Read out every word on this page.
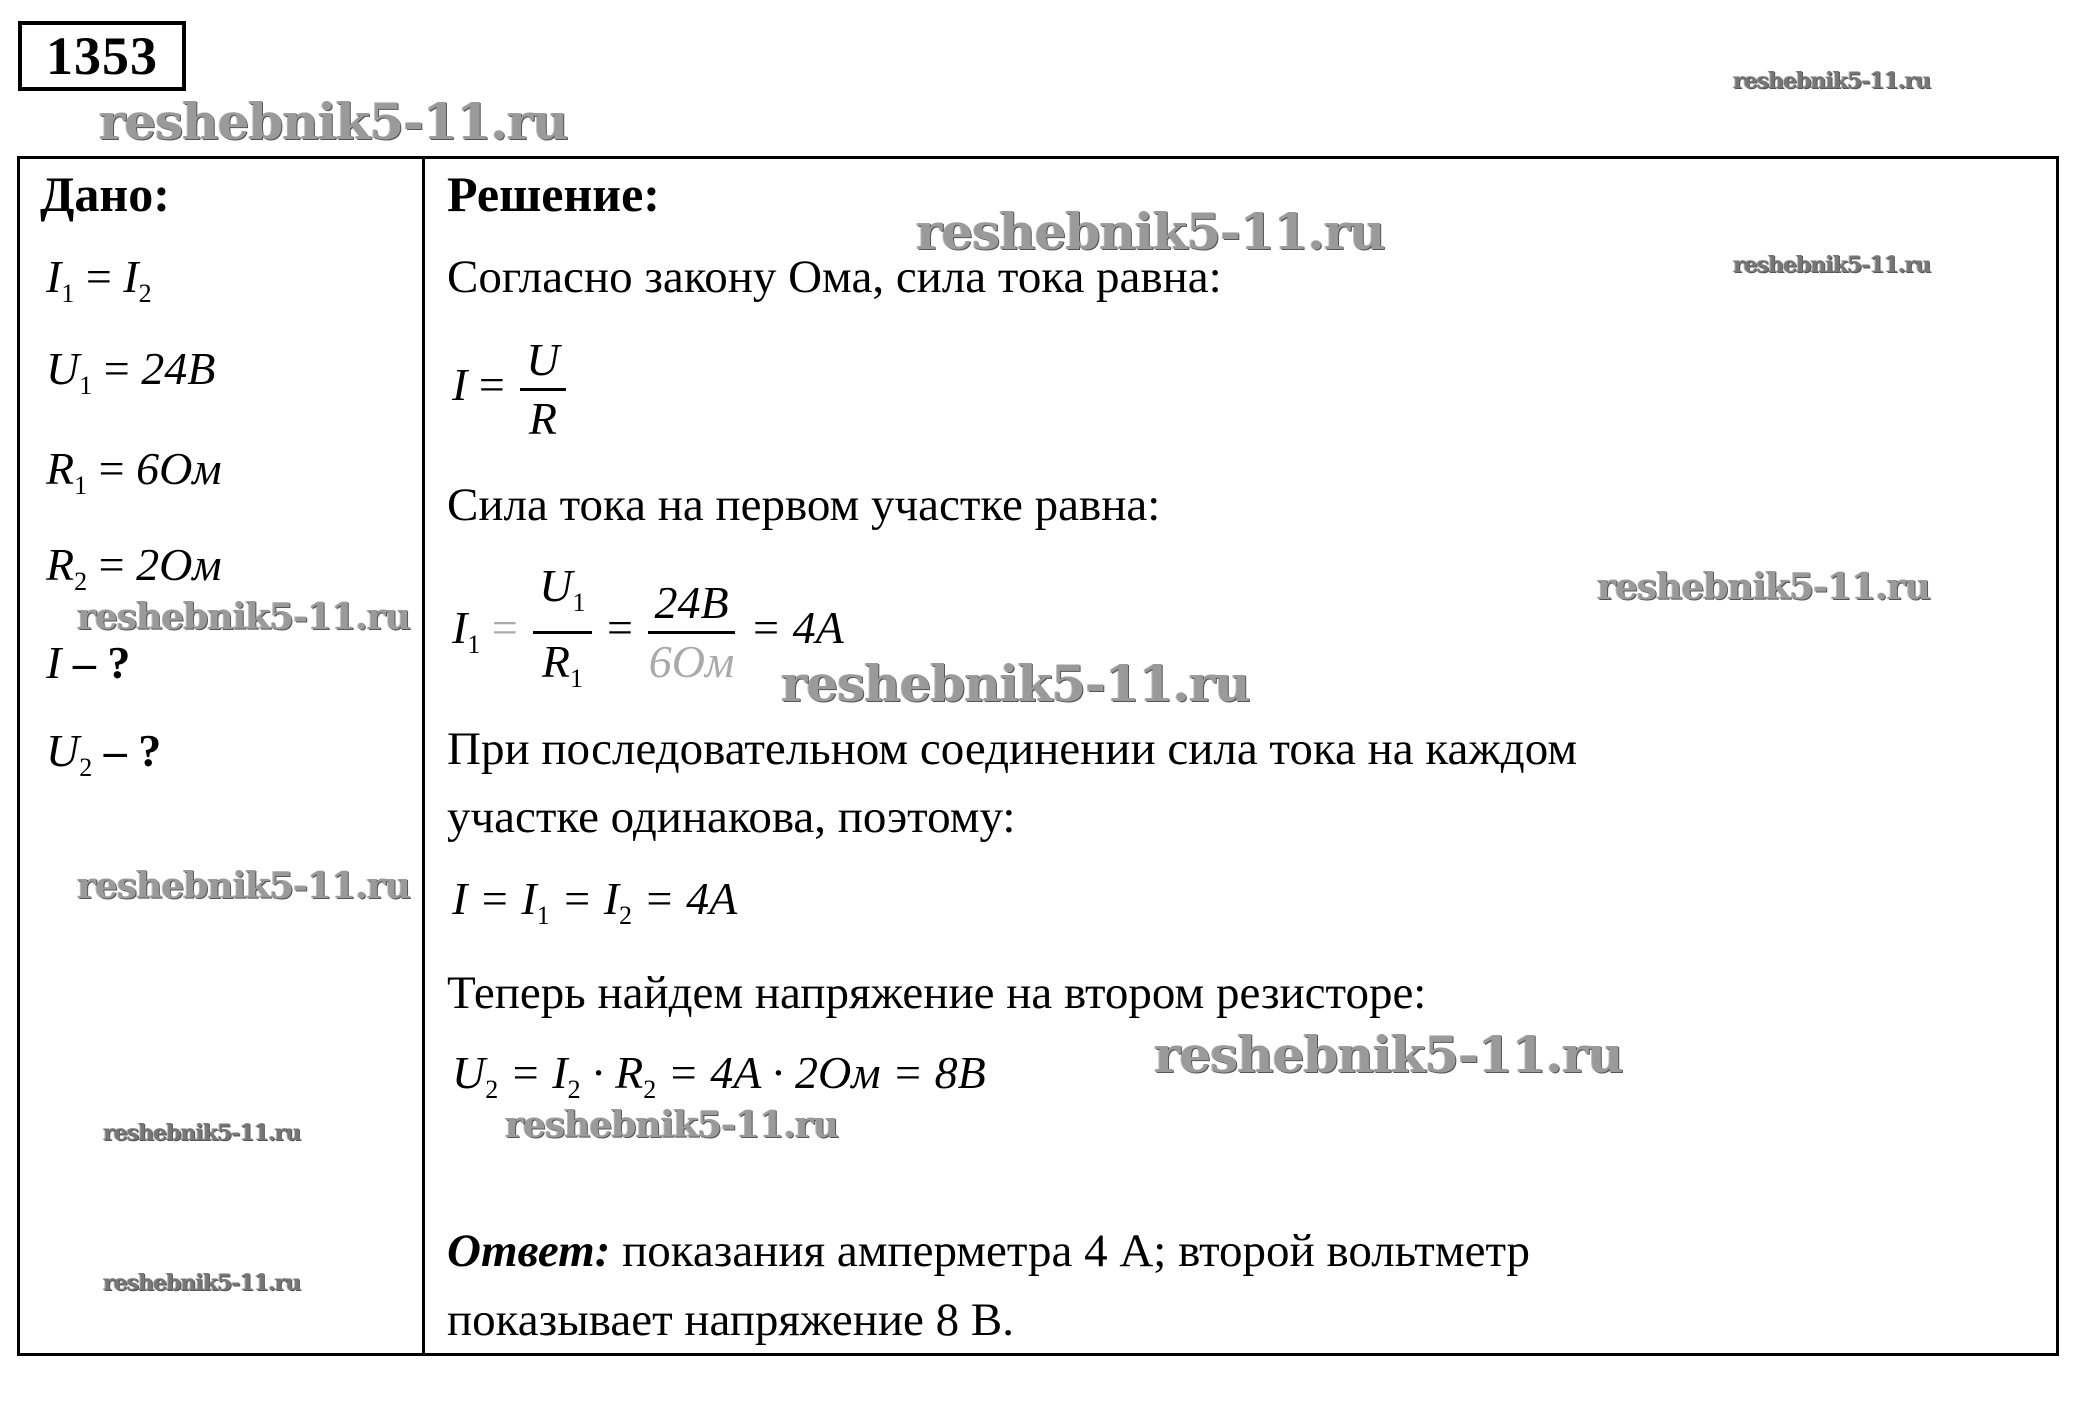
1353
reshebnik5-11.ru
reshebnik5-11.ru
reshebnik5-11.ru
reshebnik5-11.ru
reshebnik5-11.ru
reshebnik5-11.ru
reshebnik5-11.ru
reshebnik5-11.ru
reshebnik5-11.ru
reshebnik5-11.ru
reshebnik5-11.ru
reshebnik5-11.ru
Дано:
$I_1 = I_2$
$U_1 = 24B$
$R_1 = 6Ом$
$R_2 = 2Ом$
I – ?
$U_2$ – ?
Решение:
Согласно закону Ома, сила тока равна:
$I = \frac{U}{R}$
Сила тока на первом участке равна:
$I_1 = \frac{U_1}{R_1} = \frac{24B}{6Ом} = 4A$
При последовательном соединении сила тока на каждом
участке одинакова, поэтому:
$I = I_1 = I_2 = 4A$
Теперь найдем напряжение на втором резисторе:
$U_2 = I_2 \cdot R_2 = 4A \cdot 2Ом = 8B$
Ответ: показания амперметра 4 А; второй вольтметр
показывает напряжение 8 В.
